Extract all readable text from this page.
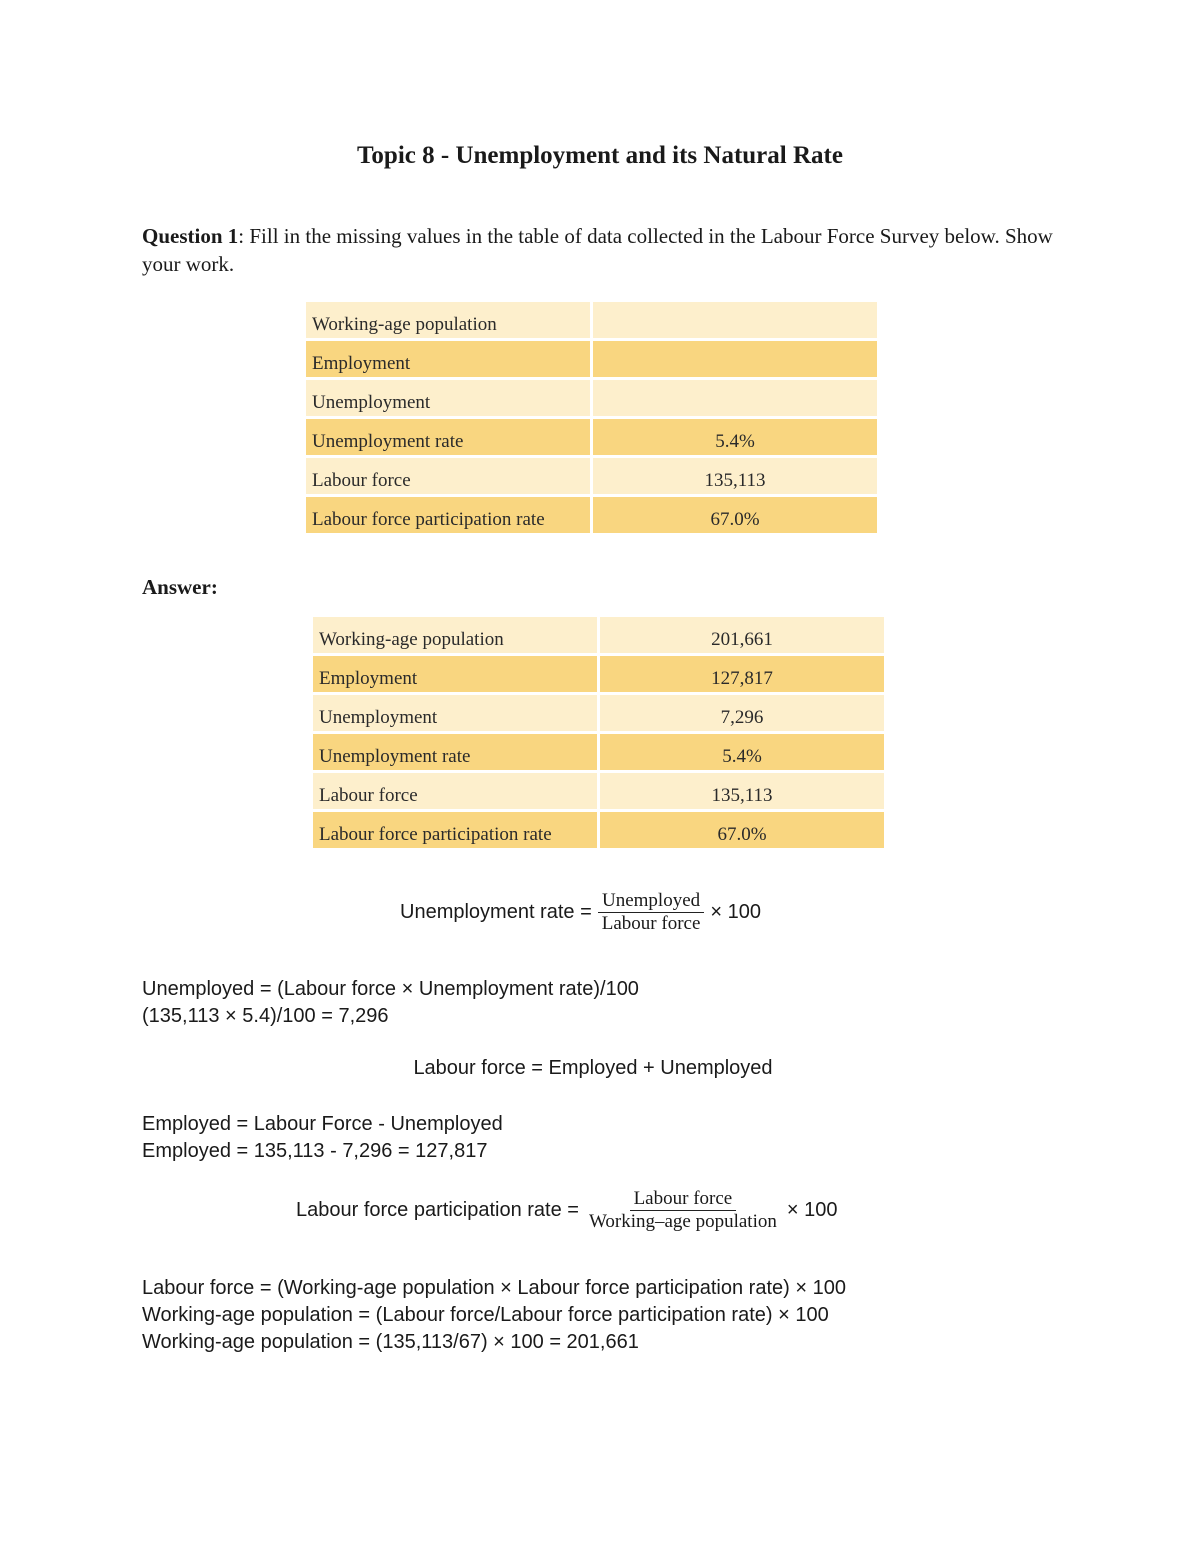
Topic 8 - Unemployment and its Natural Rate
Question 1: Fill in the missing values in the table of data collected in the Labour Force Survey below. Show your work.
Working-age population	
Employment	
Unemployment	
Unemployment rate	5.4%
Labour force	135,113
Labour force participation rate	67.0%
Answer:
Working-age population	201,661
Employment	127,817
Unemployment	7,296
Unemployment rate	5.4%
Labour force	135,113
Labour force participation rate	67.0%
Unemployment rate = $\frac{\text{Unemployed}}{\text{Labour force}} \times 100$
Unemployed = (Labour force × Unemployment rate)/100
(135,113 × 5.4)/100 = 7,296
Labour force = Employed + Unemployed
Employed = Labour Force - Unemployed
Employed = 135,113 - 7,296 = 127,817
Labour force participation rate = $\frac{\text{Labour force}}{\text{Working–age population}} \times 100$
Labour force = (Working-age population × Labour force participation rate) × 100
Working-age population = (Labour force/Labour force participation rate) × 100
Working-age population = (135,113/67) × 100 = 201,661
